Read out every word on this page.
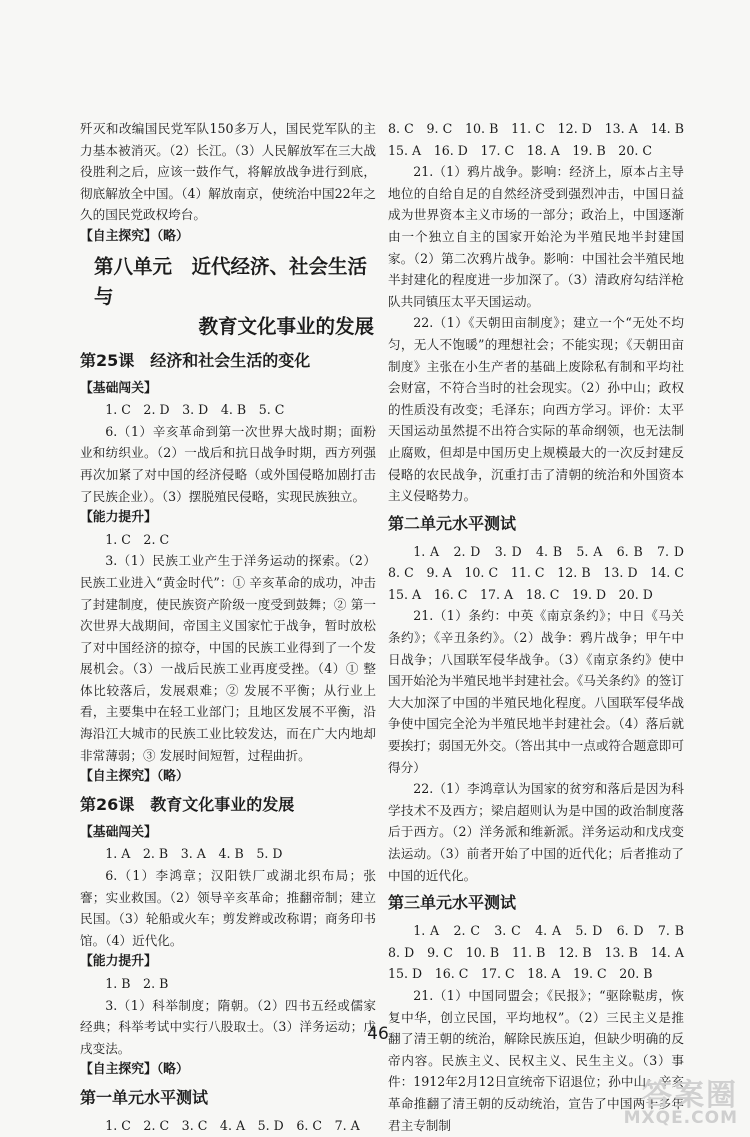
歼灭和改编国民党军队150多万人，国民党军队的主力基本被消灭。（2）长江。（3）人民解放军在三大战役胜利之后，应该一鼓作气，将解放战争进行到底，彻底解放全中国。（4）解放南京，使统治中国22年之久的国民党政权垮台。

【自主探究】（略）

第八单元　近代经济、社会生活与
教育文化事业的发展

第25课　经济和社会生活的变化

【基础闯关】

1. C　2. D　3. D　4. B　5. C

6.（1）辛亥革命到第一次世界大战时期；面粉业和纺织业。（2）一战后和抗日战争时期，西方列强再次加紧了对中国的经济侵略（或外国侵略加剧打击了民族企业）。（3）摆脱殖民侵略，实现民族独立。

【能力提升】

1. C　2. C

3.（1）民族工业产生于洋务运动的探索。（2）民族工业进入“黄金时代”：① 辛亥革命的成功，冲击了封建制度，使民族资产阶级一度受到鼓舞；② 第一次世界大战期间，帝国主义国家忙于战争，暂时放松了对中国经济的掠夺，中国的民族工业得到了一个发展机会。（3）一战后民族工业再度受挫。（4）① 整体比较落后，发展艰难；② 发展不平衡；从行业上看，主要集中在轻工业部门；且地区发展不平衡，沿海沿江大城市的民族工业比较发达，而在广大内地却非常薄弱；③ 发展时间短暂，过程曲折。

【自主探究】（略）

第26课　教育文化事业的发展

【基础闯关】

1. A　2. B　3. A　4. B　5. D

6.（1）李鸿章；汉阳铁厂或湖北织布局；张謇；实业救国。（2）领导辛亥革命；推翻帝制；建立民国。（3）轮船或火车；剪发辫或改称谓；商务印书馆。（4）近代化。

【能力提升】

1. B　2. B

3.（1）科举制度；隋朝。（2）四书五经或儒家经典；科举考试中实行八股取士。（3）洋务运动；戊戌变法。

【自主探究】（略）

第一单元水平测试

1. C　2. C　3. C　4. A　5. D　6. C　7. A

8. C　9. C　10. B　11. C　12. D　13. A　14. B　15. A　16. D　17. C　18. A　19. B　20. C

21.（1）鸦片战争。影响：经济上，原本占主导地位的自给自足的自然经济受到强烈冲击，中国日益成为世界资本主义市场的一部分；政治上，中国逐渐由一个独立自主的国家开始沦为半殖民地半封建国家。（2）第二次鸦片战争。影响：中国社会半殖民地半封建化的程度进一步加深了。（3）清政府勾结洋枪队共同镇压太平天国运动。

22.（1）《天朝田亩制度》；建立一个“无处不均匀，无人不饱暖”的理想社会；不能实现；《天朝田亩制度》主张在小生产者的基础上废除私有制和平均社会财富，不符合当时的社会现实。（2）孙中山；政权的性质没有改变；毛泽东；向西方学习。评价：太平天国运动虽然提不出符合实际的革命纲领，也无法制止腐败，但却是中国历史上规模最大的一次反封建反侵略的农民战争，沉重打击了清朝的统治和外国资本主义侵略势力。

第二单元水平测试

1. A　2. D　3. D　4. B　5. A　6. B　7. D　8. C　9. A　10. C　11. C　12. B　13. D　14. C　15. A　16. C　17. A　18. C　19. D　20. D

21.（1）条约：中英《南京条约》；中日《马关条约》；《辛丑条约》。（2）战争：鸦片战争；甲午中日战争；八国联军侵华战争。（3）《南京条约》使中国开始沦为半殖民地半封建社会。《马关条约》的签订大大加深了中国的半殖民地化程度。八国联军侵华战争使中国完全沦为半殖民地半封建社会。（4）落后就要挨打；弱国无外交。（答出其中一点或符合题意即可得分）

22.（1）李鸿章认为国家的贫穷和落后是因为科学技术不及西方；梁启超则认为是中国的政治制度落后于西方。（2）洋务派和维新派。洋务运动和戊戌变法运动。（3）前者开始了中国的近代化；后者推动了中国的近代化。

第三单元水平测试

1. A　2. C　3. C　4. A　5. D　6. D　7. B　8. D　9. C　10. B　11. B　12. B　13. B　14. A　15. D　16. C　17. C　18. A　19. C　20. B

21.（1）中国同盟会；《民报》；“驱除鞑虏，恢复中华，创立民国，平均地权”。（2）三民主义是推翻了清王朝的统治，解除民族压迫，但缺少明确的反帝内容。民族主义、民权主义、民生主义。（3）事件：1912年2月12日宣统帝下诏退位；孙中山：辛亥革命推翻了清王朝的反动统治，宣告了中国两千多年君主专制制

46
答案圈
MXQE.COM
